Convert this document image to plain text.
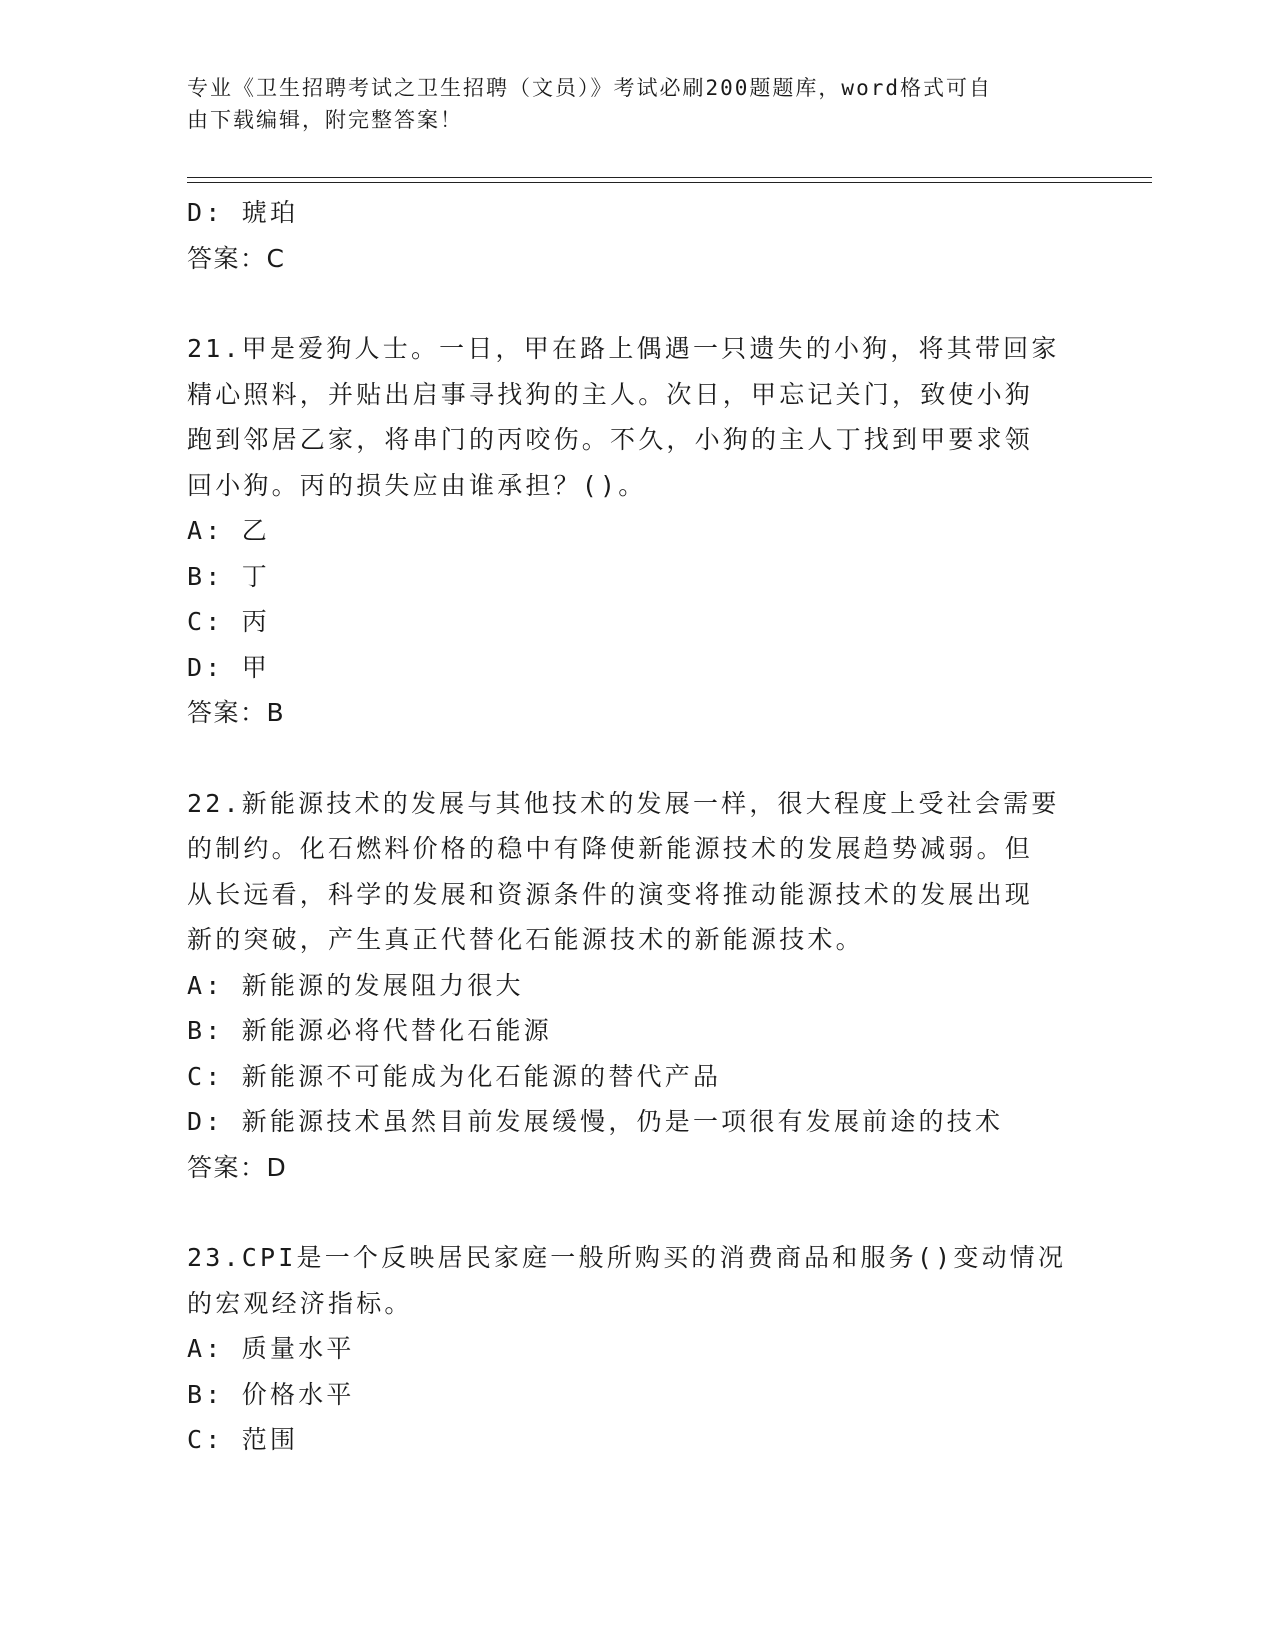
专业《卫生招聘考试之卫生招聘（文员）》考试必刷200题题库，word格式可自
由下载编辑，附完整答案！
D: 琥珀
答案：C
21.甲是爱狗人士。一日，甲在路上偶遇一只遗失的小狗，将其带回家
精心照料，并贴出启事寻找狗的主人。次日，甲忘记关门，致使小狗
跑到邻居乙家，将串门的丙咬伤。不久，小狗的主人丁找到甲要求领
回小狗。丙的损失应由谁承担？()。
A: 乙
B: 丁
C: 丙
D: 甲
答案：B
22.新能源技术的发展与其他技术的发展一样，很大程度上受社会需要
的制约。化石燃料价格的稳中有降使新能源技术的发展趋势减弱。但
从长远看，科学的发展和资源条件的演变将推动能源技术的发展出现
新的突破，产生真正代替化石能源技术的新能源技术。
A: 新能源的发展阻力很大
B: 新能源必将代替化石能源
C: 新能源不可能成为化石能源的替代产品
D: 新能源技术虽然目前发展缓慢，仍是一项很有发展前途的技术
答案：D
23.CPI是一个反映居民家庭一般所购买的消费商品和服务()变动情况
的宏观经济指标。
A: 质量水平
B: 价格水平
C: 范围
